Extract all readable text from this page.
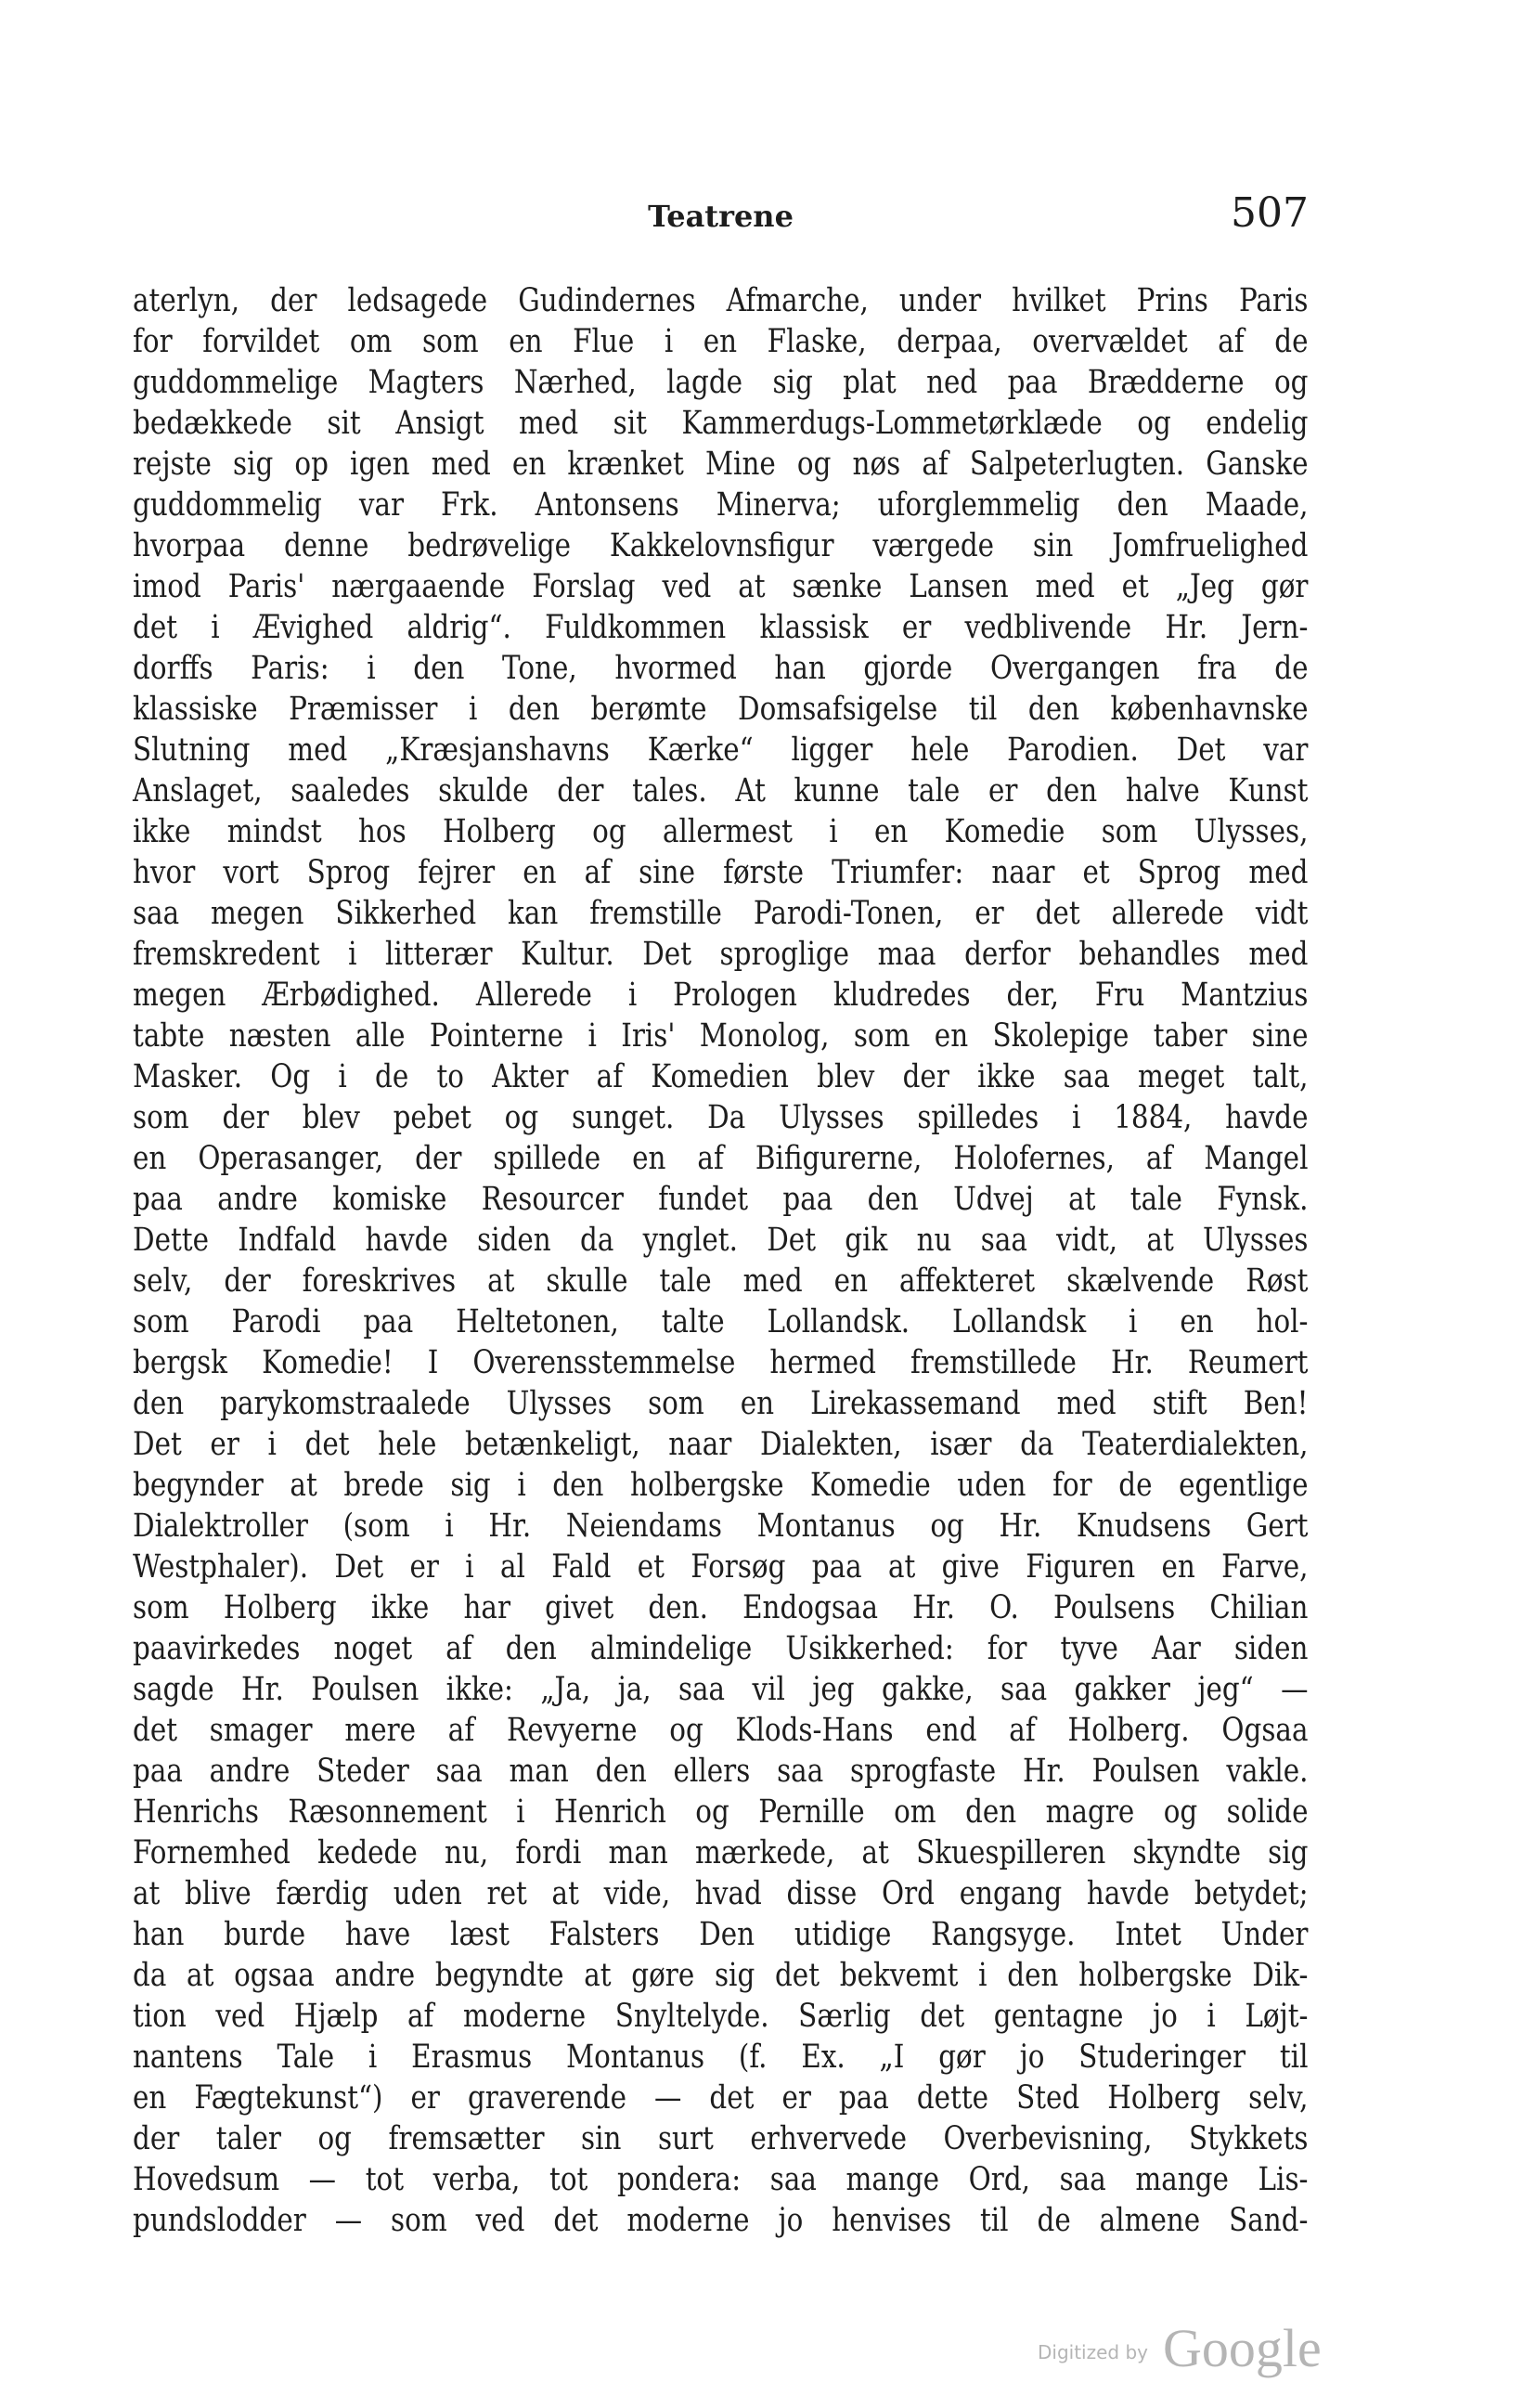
Teatrene	507
aterlyn, der ledsagede Gudindernes Afmarche, under hvilket Prins Paris
for forvildet om som en Flue i en Flaske, derpaa, overvældet af de
guddommelige Magters Nærhed, lagde sig plat ned paa Brædderne og
bedækkede sit Ansigt med sit Kammerdugs-Lommetørklæde og endelig
rejste sig op igen med en krænket Mine og nøs af Salpeterlugten. Ganske
guddommelig var Frk. Antonsens Minerva; uforglemmelig den Maade,
hvorpaa denne bedrøvelige Kakkelovnsfigur værgede sin Jomfruelighed
imod Paris' nærgaaende Forslag ved at sænke Lansen med et „Jeg gør
det i Ævighed aldrig“. Fuldkommen klassisk er vedblivende Hr. Jern-
dorffs Paris: i den Tone, hvormed han gjorde Overgangen fra de
klassiske Præmisser i den berømte Domsafsigelse til den københavnske
Slutning med „Kræsjanshavns Kærke“ ligger hele Parodien. Det var
Anslaget, saaledes skulde der tales. At kunne tale er den halve Kunst
ikke mindst hos Holberg og allermest i en Komedie som Ulysses,
hvor vort Sprog fejrer en af sine første Triumfer: naar et Sprog med
saa megen Sikkerhed kan fremstille Parodi-Tonen, er det allerede vidt
fremskredent i litterær Kultur. Det sproglige maa derfor behandles med
megen Ærbødighed. Allerede i Prologen kludredes der, Fru Mantzius
tabte næsten alle Pointerne i Iris' Monolog, som en Skolepige taber sine
Masker. Og i de to Akter af Komedien blev der ikke saa meget talt,
som der blev pebet og sunget. Da Ulysses spilledes i 1884, havde
en Operasanger, der spillede en af Bifigurerne, Holofernes, af Mangel
paa andre komiske Resourcer fundet paa den Udvej at tale Fynsk.
Dette Indfald havde siden da ynglet. Det gik nu saa vidt, at Ulysses
selv, der foreskrives at skulle tale med en affekteret skælvende Røst
som Parodi paa Heltetonen, talte Lollandsk. Lollandsk i en hol-
bergsk Komedie! I Overensstemmelse hermed fremstillede Hr. Reumert
den parykomstraalede Ulysses som en Lirekassemand med stift Ben!
Det er i det hele betænkeligt, naar Dialekten, især da Teaterdialekten,
begynder at brede sig i den holbergske Komedie uden for de egentlige
Dialektroller (som i Hr. Neiendams Montanus og Hr. Knudsens Gert
Westphaler). Det er i al Fald et Forsøg paa at give Figuren en Farve,
som Holberg ikke har givet den. Endogsaa Hr. O. Poulsens Chilian
paavirkedes noget af den almindelige Usikkerhed: for tyve Aar siden
sagde Hr. Poulsen ikke: „Ja, ja, saa vil jeg gakke, saa gakker jeg“ —
det smager mere af Revyerne og Klods-Hans end af Holberg. Ogsaa
paa andre Steder saa man den ellers saa sprogfaste Hr. Poulsen vakle.
Henrichs Ræsonnement i Henrich og Pernille om den magre og solide
Fornemhed kedede nu, fordi man mærkede, at Skuespilleren skyndte sig
at blive færdig uden ret at vide, hvad disse Ord engang havde betydet;
han burde have læst Falsters Den utidige Rangsyge. Intet Under
da at ogsaa andre begyndte at gøre sig det bekvemt i den holbergske Dik-
tion ved Hjælp af moderne Snyltelyde. Særlig det gentagne jo i Løjt-
nantens Tale i Erasmus Montanus (f. Ex. „I gør jo Studeringer til
en Fægtekunst“) er graverende — det er paa dette Sted Holberg selv,
der taler og fremsætter sin surt erhvervede Overbevisning, Stykkets
Hovedsum — tot verba, tot pondera: saa mange Ord, saa mange Lis-
pundslodder — som ved det moderne jo henvises til de almene Sand-
Digitized by Google
